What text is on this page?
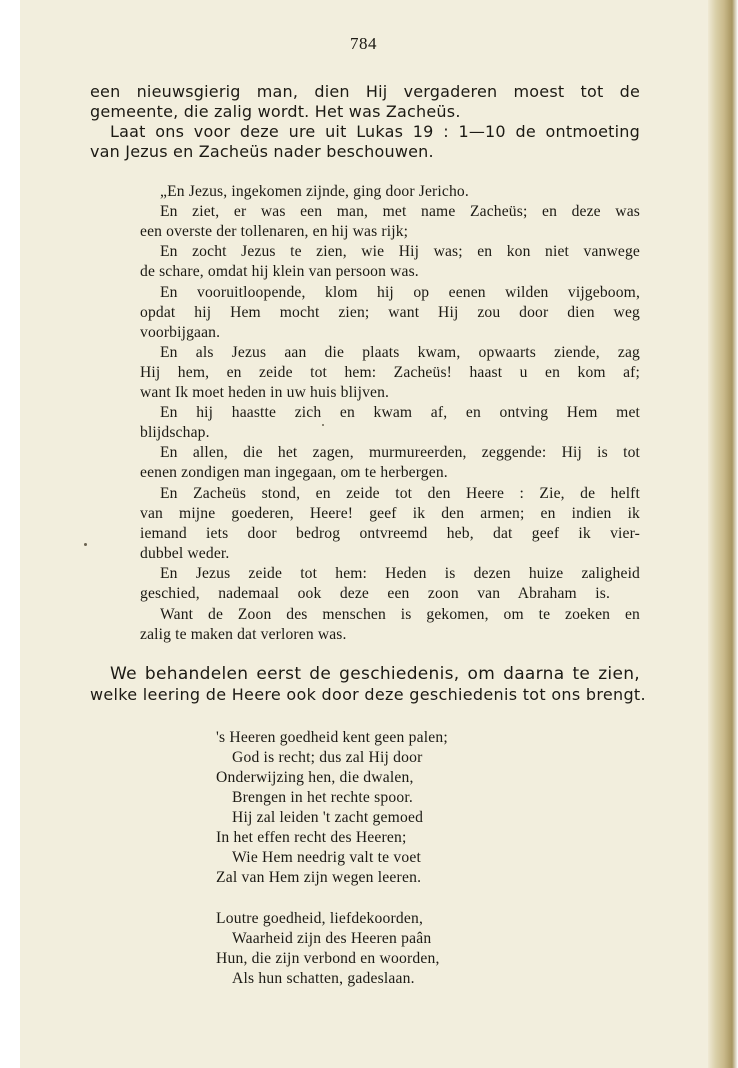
784

een nieuwsgierig man, dien Hij vergaderen moest tot de

gemeente, die zalig wordt. Het was Zacheüs.

Laat ons voor deze ure uit Lukas 19 : 1—10 de ontmoeting

van Jezus en Zacheüs nader beschouwen.

„En Jezus, ingekomen zijnde, ging door Jericho.

En ziet, er was een man, met name Zacheüs; en deze was

een overste der tollenaren, en hij was rijk;

En zocht Jezus te zien, wie Hij was; en kon niet vanwege

de schare, omdat hij klein van persoon was.

En vooruitloopende, klom hij op eenen wilden vijgeboom,

opdat hij Hem mocht zien; want Hij zou door dien weg

voorbijgaan.

En als Jezus aan die plaats kwam, opwaarts ziende, zag

Hij hem, en zeide tot hem: Zacheüs! haast u en kom af;

want Ik moet heden in uw huis blijven.

En hij haastte zich en kwam af, en ontving Hem met

blijdschap.

En allen, die het zagen, murmureerden, zeggende: Hij is tot

eenen zondigen man ingegaan, om te herbergen.

En Zacheüs stond, en zeide tot den Heere : Zie, de helft

van mijne goederen, Heere! geef ik den armen; en indien ik

iemand iets door bedrog ontvreemd heb, dat geef ik vier-

dubbel weder.

En Jezus zeide tot hem: Heden is dezen huize zaligheid

geschied, nademaal ook deze een zoon van Abraham is.

Want de Zoon des menschen is gekomen, om te zoeken en

zalig te maken dat verloren was.

We behandelen eerst de geschiedenis, om daarna te zien,

welke leering de Heere ook door deze geschiedenis tot ons brengt.

's Heeren goedheid kent geen palen;

God is recht; dus zal Hij door

Onderwijzing hen, die dwalen,

Brengen in het rechte spoor.

Hij zal leiden 't zacht gemoed

In het effen recht des Heeren;

Wie Hem needrig valt te voet

Zal van Hem zijn wegen leeren.

Loutre goedheid, liefdekoorden,

Waarheid zijn des Heeren paân

Hun, die zijn verbond en woorden,

Als hun schatten, gadeslaan.
